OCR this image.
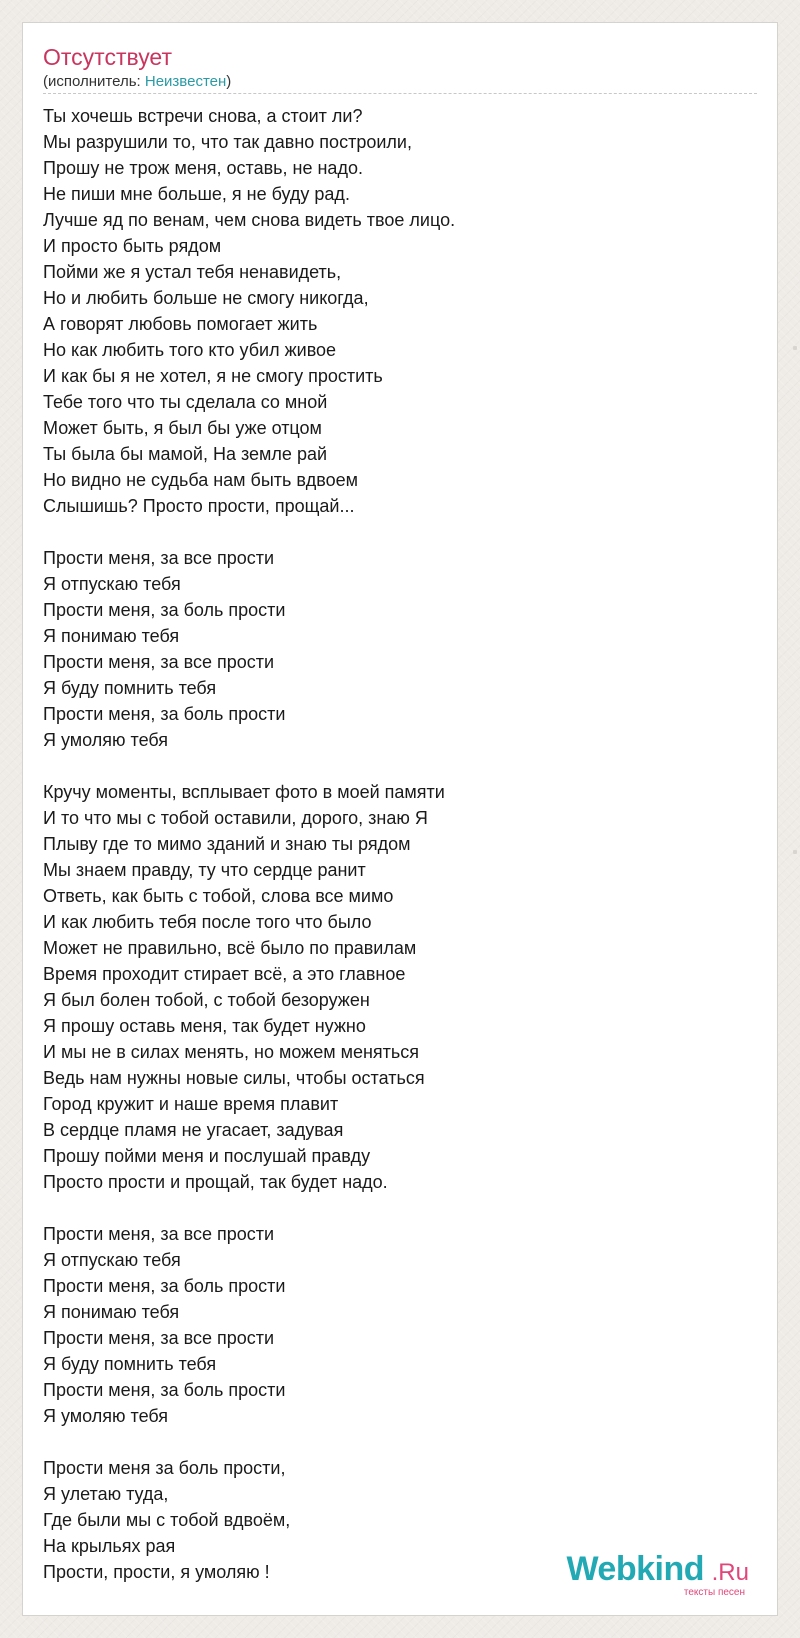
Отсутствует
(исполнитель: Неизвестен)
Ты хочешь встречи снова, а стоит ли?
Мы разрушили то, что так давно построили,
Прошу не трож меня, оставь, не надо.
Не пиши мне больше, я не буду рад.
Лучше яд по венам, чем снова видеть твое лицо.
И просто быть рядом
Пойми же я устал тебя ненавидеть,
Но и любить больше не смогу никогда,
А говорят любовь помогает жить
Но как любить того кто убил живое
И как бы я не хотел, я не смогу простить
Тебе того что ты сделала со мной
Может быть, я был бы уже отцом
Ты была бы мамой, На земле рай
Но видно не судьба нам быть вдвоем
Слышишь? Просто прости, прощай...
Прости меня, за все прости
Я отпускаю тебя
Прости меня, за боль прости
Я понимаю тебя
Прости меня, за все прости
Я буду помнить тебя
Прости меня, за боль прости
Я умоляю тебя
Кручу моменты, всплывает фото в моей памяти
И то что мы с тобой оставили, дорого, знаю Я
Плыву где то мимо зданий и знаю ты рядом
Мы знаем правду, ту что сердце ранит
Ответь, как быть с тобой, слова все мимо
И как любить тебя после того что было
Может не правильно, всё было по правилам
Время проходит стирает всё, а это главное
Я был болен тобой, с тобой безоружен
Я прошу оставь меня, так будет нужно
И мы не в силах менять, но можем меняться
Ведь нам нужны новые силы, чтобы остаться
Город кружит и наше время плавит
В сердце пламя не угасает, задувая
Прошу пойми меня и послушай правду
Просто прости и прощай, так будет надо.
Прости меня, за все прости
Я отпускаю тебя
Прости меня, за боль прости
Я понимаю тебя
Прости меня, за все прости
Я буду помнить тебя
Прости меня, за боль прости
Я умоляю тебя
Прости меня за боль прости,
Я улетаю туда,
Где были мы с тобой вдвоём,
На крыльях рая
Прости, прости, я умоляю !	Webkind .Ru
тексты песен
